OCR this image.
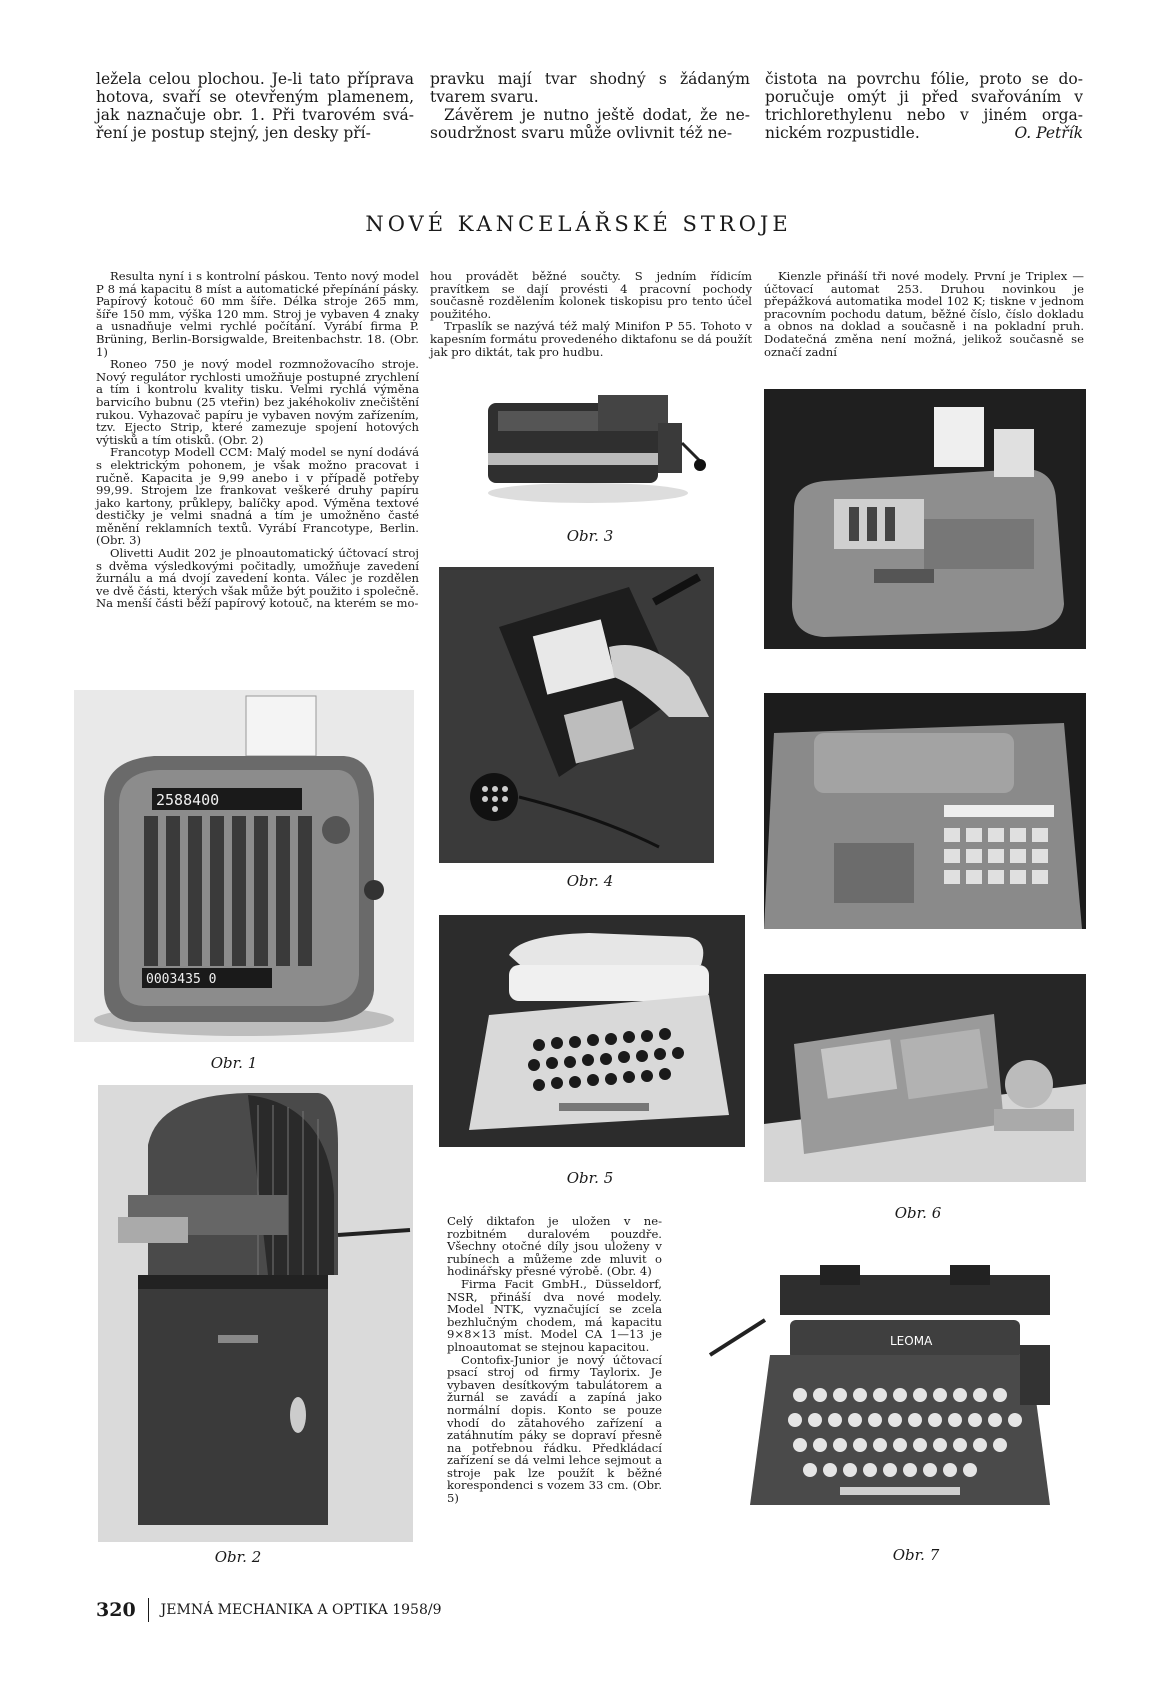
ležela celou plochou. Je-li tato příprava hotova, svaří se otevřeným plamenem, jak naznačuje obr. 1. Při tvarovém sváření je postup stejný, jen desky pří-

pravku mají tvar shodný s žádaným tvarem svaru.

Závěrem je nutno ještě dodat, že nesoudržnost svaru může ovlivnit též ne-

čistota na povrchu fólie, proto se doporučuje omýt ji před svařováním v trichlorethylenu nebo v jiném organickém rozpustidle.	O. Petřík

NOVÉ KANCELÁŘSKÉ STROJE

Resulta nyní i s kontrolní páskou. Tento nový model P 8 má kapacitu 8 míst a automatické přepínání pásky. Papírový kotouč 60 mm šíře. Délka stroje 265 mm, šíře 150 mm, výška 120 mm. Stroj je vybaven 4 znaky a usnadňuje velmi rychlé počítání. Vyrábí firma P. Brüning, Berlin-Borsigwalde, Breitenbachstr. 18. (Obr. 1)

Roneo 750 je nový model rozmnožovacího stroje. Nový regulátor rychlosti umožňuje postupné zrychlení a tím i kontrolu kvality tisku. Velmi rychlá výměna barvicího bubnu (25 vteřin) bez jakéhokoliv znečištění rukou. Vyhazovač papíru je vybaven novým zařízením, tzv. Ejecto Strip, které zamezuje spojení hotových výtisků a tím otisků. (Obr. 2)

Francotyp Modell CCM: Malý model se nyní dodává s elektrickým pohonem, je však možno pracovat i ručně. Kapacita je 9,99 anebo i v případě potřeby 99,99. Strojem lze frankovat veškeré druhy papíru jako kartony, průklepy, balíčky apod. Výměna textové destičky je velmi snadná a tím je umožněno časté měnění reklamních textů. Vyrábí Francotype, Berlin. (Obr. 3)

Olivetti Audit 202 je plnoautomatický účtovací stroj s dvěma výsledkovými počitadly, umožňuje zavedení žurnálu a má dvojí zavedení konta. Válec je rozdělen ve dvě části, kterých však může být použito i společně. Na menší části běží papírový kotouč, na kterém se mo-

hou provádět běžné součty. S jedním řídicím pravítkem se dají provésti 4 pracovní pochody současně rozdělením kolonek tiskopisu pro tento účel použitého.

Trpaslík se nazývá též malý Minifon P 55. Tohoto v kapesním formátu provedeného diktafonu se dá použít jak pro diktát, tak pro hudbu.

Kienzle přináší tři nové modely. První je Triplex — účtovací automat 253. Druhou novinkou je přepážková automatika model 102 K; tiskne v jednom pracovním pochodu datum, běžné číslo, číslo dokladu a obnos na doklad a současně i na pokladní pruh. Dodatečná změna není možná, jelikož současně se označí zadní

Celý diktafon je uložen v nerozbitném duralovém pouzdře. Všechny otočné díly jsou uloženy v rubínech a můžeme zde mluvit o hodinářsky přesné výrobě. (Obr. 4)

Firma Facit GmbH., Düsseldorf, NSR, přináší dva nové modely. Model NTK, vyznačující se zcela bezhlučným chodem, má kapacitu 9×8×13 míst. Model CA 1—13 je plnoautomat se stejnou kapacitou.

Contofix-Junior je nový účtovací psací stroj od firmy Taylorix. Je vybaven desítkovým tabulátorem a žurnál se zavádí a zapíná jako normální dopis. Konto se pouze vhodí do zātahového zařízení a zatáhnutím páky se dopraví přesně na potřebnou řádku. Předkládací zařízení se dá velmi lehce sejmout a stroje pak lze použít k běžné korespondenci s vozem 33 cm. (Obr. 5)

2588400
0003435 0
Obr. 1
Obr. 2
Obr. 3
Obr. 4
Obr. 5
Obr. 6
LEOMA
Obr. 7
320 JEMNÁ MECHANIKA A OPTIKA 1958/9
